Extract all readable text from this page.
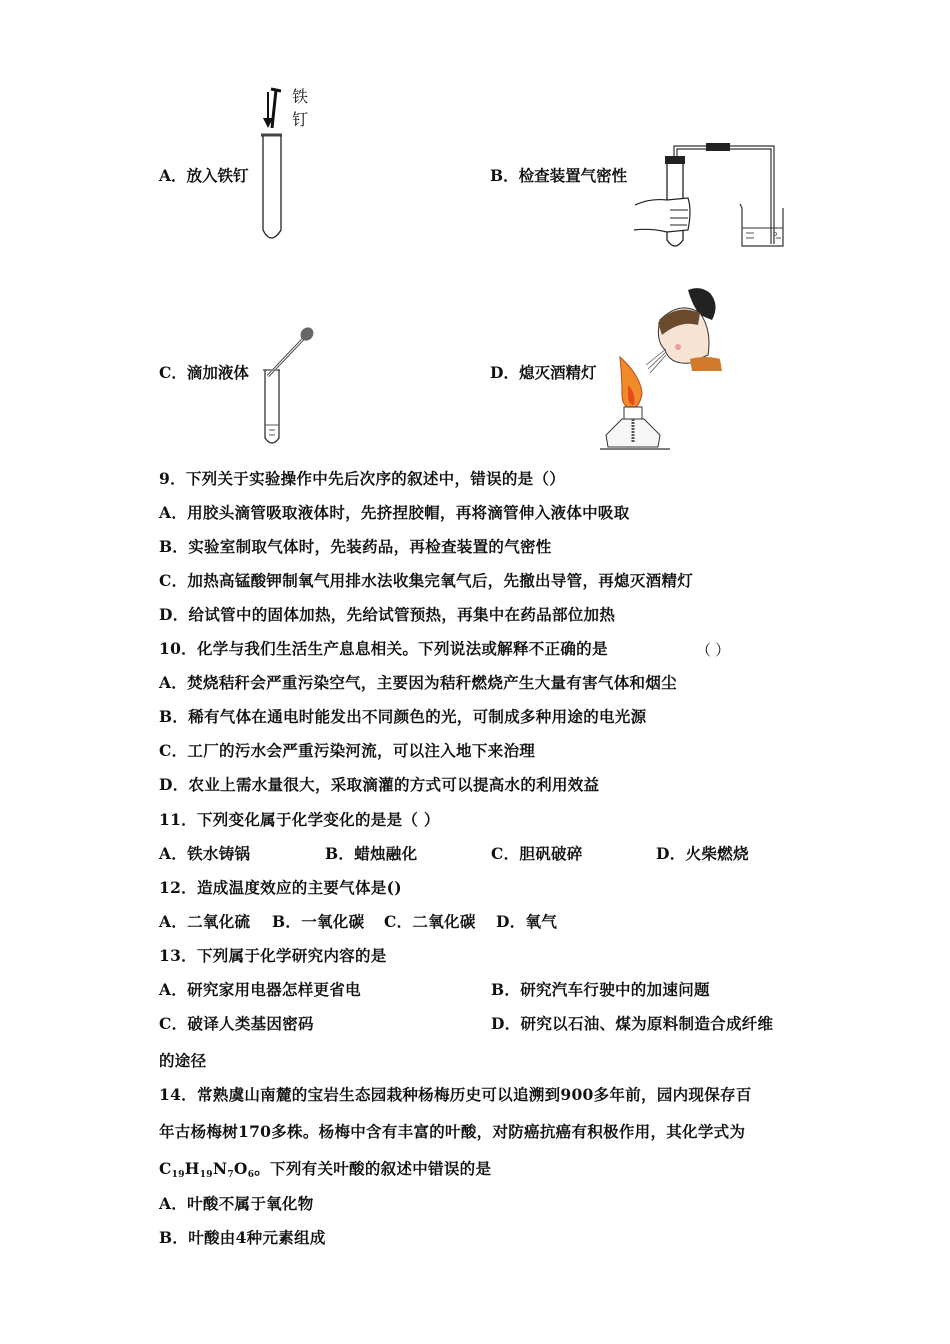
铁
钉
A．放入铁钉	B．检查装置气密性
C．滴加液体	D．熄灭酒精灯
9．下列关于实验操作中先后次序的叙述中，错误的是（）
A．用胶头滴管吸取液体时，先挤捏胶帽，再将滴管伸入液体中吸取
B．实验室制取气体时，先装药品，再检查装置的气密性
C．加热高锰酸钾制氧气用排水法收集完氧气后，先撤出导管，再熄灭酒精灯
D．给试管中的固体加热，先给试管预热，再集中在药品部位加热
10．化学与我们生活生产息息相关。下列说法或解释不正确的是	（ ）
A．焚烧秸秆会严重污染空气，主要因为秸秆燃烧产生大量有害气体和烟尘
B．稀有气体在通电时能发出不同颜色的光，可制成多种用途的电光源
C．工厂的污水会严重污染河流，可以注入地下来治理
D．农业上需水量很大，采取滴灌的方式可以提高水的利用效益
11．下列变化属于化学变化的是是（ ）
A．铁水铸锅	B．蜡烛融化	C．胆矾破碎	D．火柴燃烧
12．造成温度效应的主要气体是()
A．二氧化硫 B．一氧化碳 C．二氧化碳 D．氧气
13．下列属于化学研究内容的是
A．研究家用电器怎样更省电	B．研究汽车行驶中的加速问题
C．破译人类基因密码	D．研究以石油、煤为原料制造合成纤维
的途径
14．常熟虞山南麓的宝岩生态园栽种杨梅历史可以追溯到900多年前，园内现保存百
年古杨梅树170多株。杨梅中含有丰富的叶酸，对防癌抗癌有积极作用，其化学式为
$C_{19}H_{19}N_7O_6$。下列有关叶酸的叙述中错误的是
A．叶酸不属于氧化物
B．叶酸由4种元素组成
